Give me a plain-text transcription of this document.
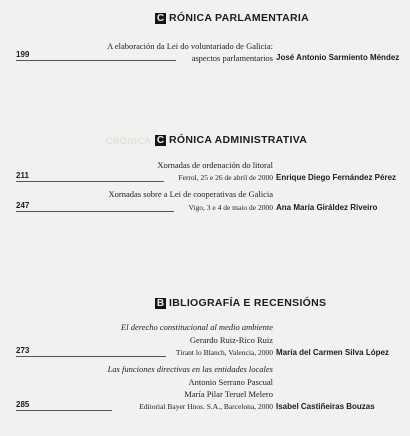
C RÓNICA PARLAMENTARIA
A elaboración da Lei do voluntariado de Galicia:
199	aspectos parlamentarios José Antonio Sarmiento Méndez
CRÓNICA C RÓNICA ADMINISTRATIVA
Xornadas de ordenación do litoral
211	Ferrol, 25 e 26 de abril de 2000 Enrique Diego Fernández Pérez
Xornadas sobre a Lei de cooperativas de Galicia
247	Vigo, 3 e 4 de maio de 2000 Ana María Giráldez Riveiro
B IBLIOGRAFÍA E RECENSIÓNS
El derecho constitucional al medio ambiente
Gerardo Ruiz-Rico Ruiz
273	Tirant lo Blanch, Valencia, 2000 María del Carmen Silva López
Las funciones directivas en las entidades locales
Antonio Serrano Pascual
María Pilar Teruel Melero
285	Editorial Bayer Hnos. S.A., Barcelona, 2000 Isabel Castiñeiras Bouzas
